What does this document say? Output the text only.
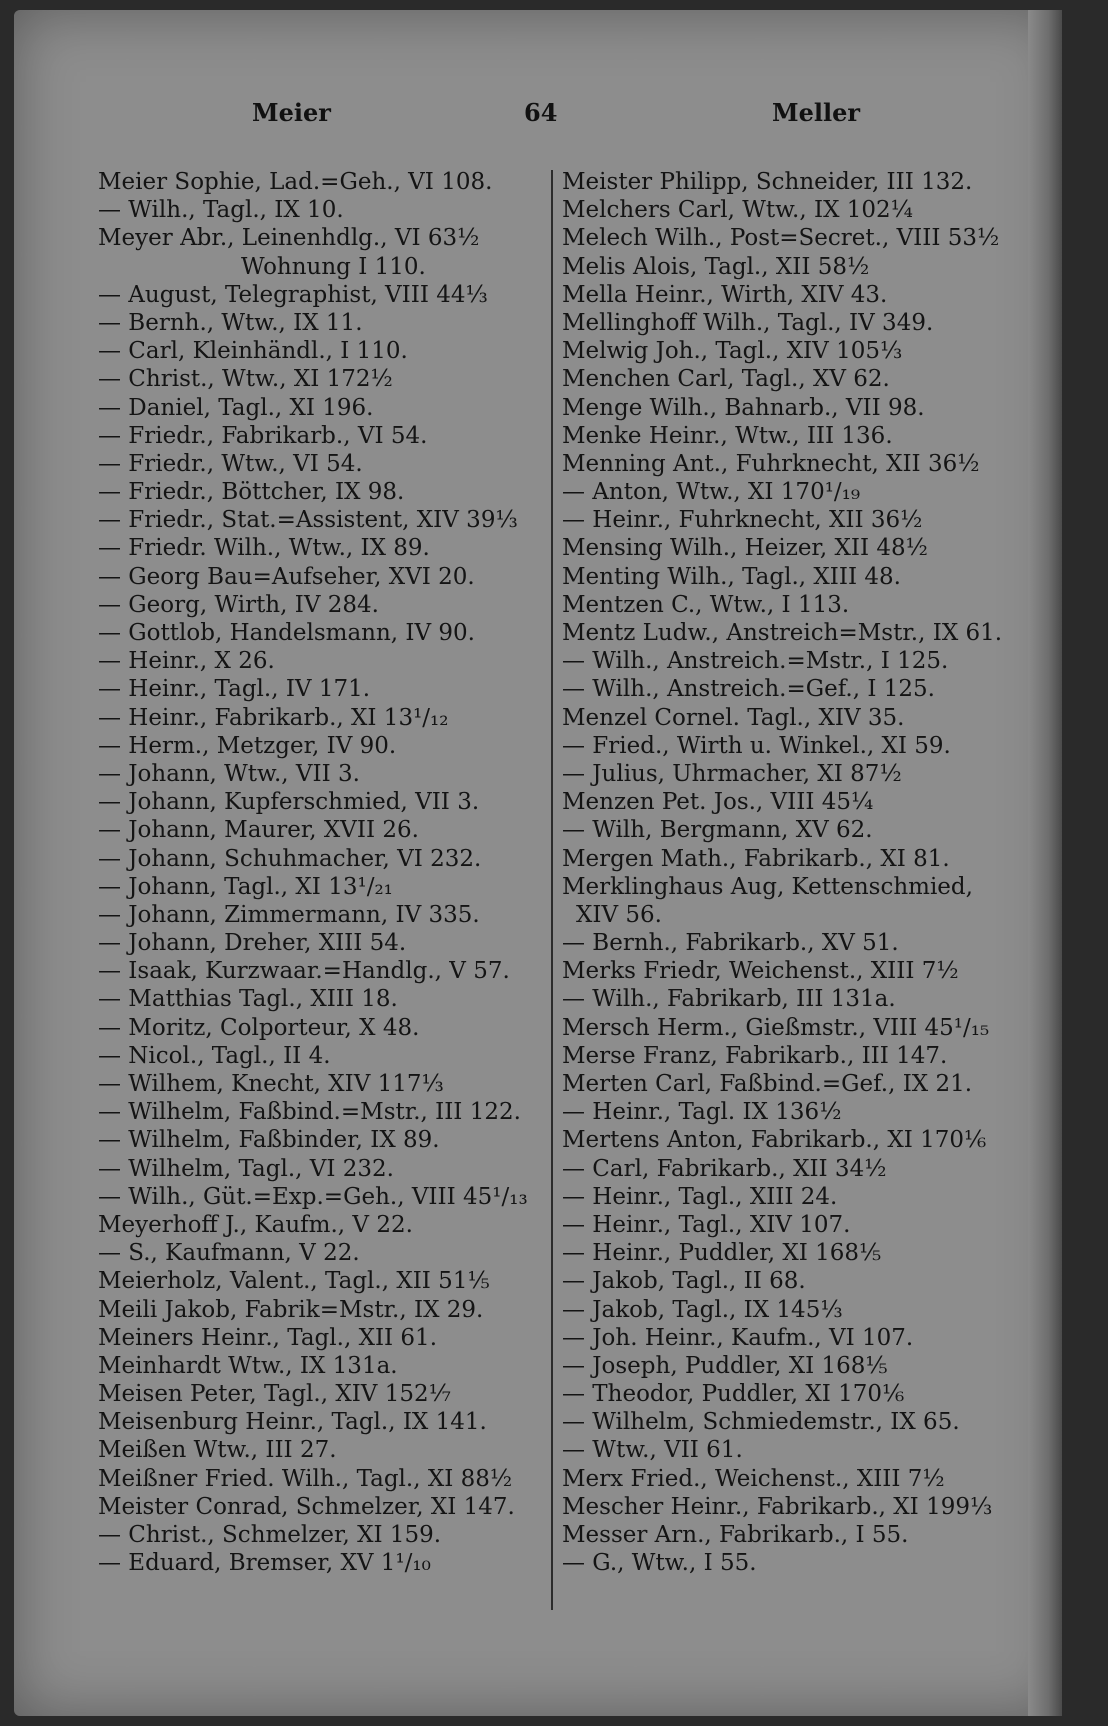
Meier	64	Meller
Meier Sophie, Lad.=Geh., VI 108.
— Wilh., Tagl., IX 10.
Meyer Abr., Leinenhdlg., VI 63½
Wohnung I 110.
— August, Telegraphist, VIII 44⅓
— Bernh., Wtw., IX 11.
— Carl, Kleinhändl., I 110.
— Christ., Wtw., XI 172½
— Daniel, Tagl., XI 196.
— Friedr., Fabrikarb., VI 54.
— Friedr., Wtw., VI 54.
— Friedr., Böttcher, IX 98.
— Friedr., Stat.=Assistent, XIV 39⅓
— Friedr. Wilh., Wtw., IX 89.
— Georg Bau=Aufseher, XVI 20.
— Georg, Wirth, IV 284.
— Gottlob, Handelsmann, IV 90.
— Heinr., X 26.
— Heinr., Tagl., IV 171.
— Heinr., Fabrikarb., XI 13¹/₁₂
— Herm., Metzger, IV 90.
— Johann, Wtw., VII 3.
— Johann, Kupferschmied, VII 3.
— Johann, Maurer, XVII 26.
— Johann, Schuhmacher, VI 232.
— Johann, Tagl., XI 13¹/₂₁
— Johann, Zimmermann, IV 335.
— Johann, Dreher, XIII 54.
— Isaak, Kurzwaar.=Handlg., V 57.
— Matthias Tagl., XIII 18.
— Moritz, Colporteur, X 48.
— Nicol., Tagl., II 4.
— Wilhem, Knecht, XIV 117⅓
— Wilhelm, Faßbind.=Mstr., III 122.
— Wilhelm, Faßbinder, IX 89.
— Wilhelm, Tagl., VI 232.
— Wilh., Güt.=Exp.=Geh., VIII 45¹/₁₃
Meyerhoff J., Kaufm., V 22.
— S., Kaufmann, V 22.
Meierholz, Valent., Tagl., XII 51⅕
Meili Jakob, Fabrik=Mstr., IX 29.
Meiners Heinr., Tagl., XII 61.
Meinhardt Wtw., IX 131a.
Meisen Peter, Tagl., XIV 152⅐
Meisenburg Heinr., Tagl., IX 141.
Meißen Wtw., III 27.
Meißner Fried. Wilh., Tagl., XI 88½
Meister Conrad, Schmelzer, XI 147.
— Christ., Schmelzer, XI 159.
— Eduard, Bremser, XV 1¹/₁₀
Meister Philipp, Schneider, III 132.
Melchers Carl, Wtw., IX 102¼
Melech Wilh., Post=Secret., VIII 53½
Melis Alois, Tagl., XII 58½
Mella Heinr., Wirth, XIV 43.
Mellinghoff Wilh., Tagl., IV 349.
Melwig Joh., Tagl., XIV 105⅓
Menchen Carl, Tagl., XV 62.
Menge Wilh., Bahnarb., VII 98.
Menke Heinr., Wtw., III 136.
Menning Ant., Fuhrknecht, XII 36½
— Anton, Wtw., XI 170¹/₁₉
— Heinr., Fuhrknecht, XII 36½
Mensing Wilh., Heizer, XII 48½
Menting Wilh., Tagl., XIII 48.
Mentzen C., Wtw., I 113.
Mentz Ludw., Anstreich=Mstr., IX 61.
— Wilh., Anstreich.=Mstr., I 125.
— Wilh., Anstreich.=Gef., I 125.
Menzel Cornel. Tagl., XIV 35.
— Fried., Wirth u. Winkel., XI 59.
— Julius, Uhrmacher, XI 87½
Menzen Pet. Jos., VIII 45¼
— Wilh, Bergmann, XV 62.
Mergen Math., Fabrikarb., XI 81.
Merklinghaus Aug, Kettenschmied,
XIV 56.
— Bernh., Fabrikarb., XV 51.
Merks Friedr, Weichenst., XIII 7½
— Wilh., Fabrikarb, III 131a.
Mersch Herm., Gießmstr., VIII 45¹/₁₅
Merse Franz, Fabrikarb., III 147.
Merten Carl, Faßbind.=Gef., IX 21.
— Heinr., Tagl. IX 136½
Mertens Anton, Fabrikarb., XI 170⅙
— Carl, Fabrikarb., XII 34½
— Heinr., Tagl., XIII 24.
— Heinr., Tagl., XIV 107.
— Heinr., Puddler, XI 168⅕
— Jakob, Tagl., II 68.
— Jakob, Tagl., IX 145⅓
— Joh. Heinr., Kaufm., VI 107.
— Joseph, Puddler, XI 168⅕
— Theodor, Puddler, XI 170⅙
— Wilhelm, Schmiedemstr., IX 65.
— Wtw., VII 61.
Merx Fried., Weichenst., XIII 7½
Mescher Heinr., Fabrikarb., XI 199⅓
Messer Arn., Fabrikarb., I 55.
— G., Wtw., I 55.
